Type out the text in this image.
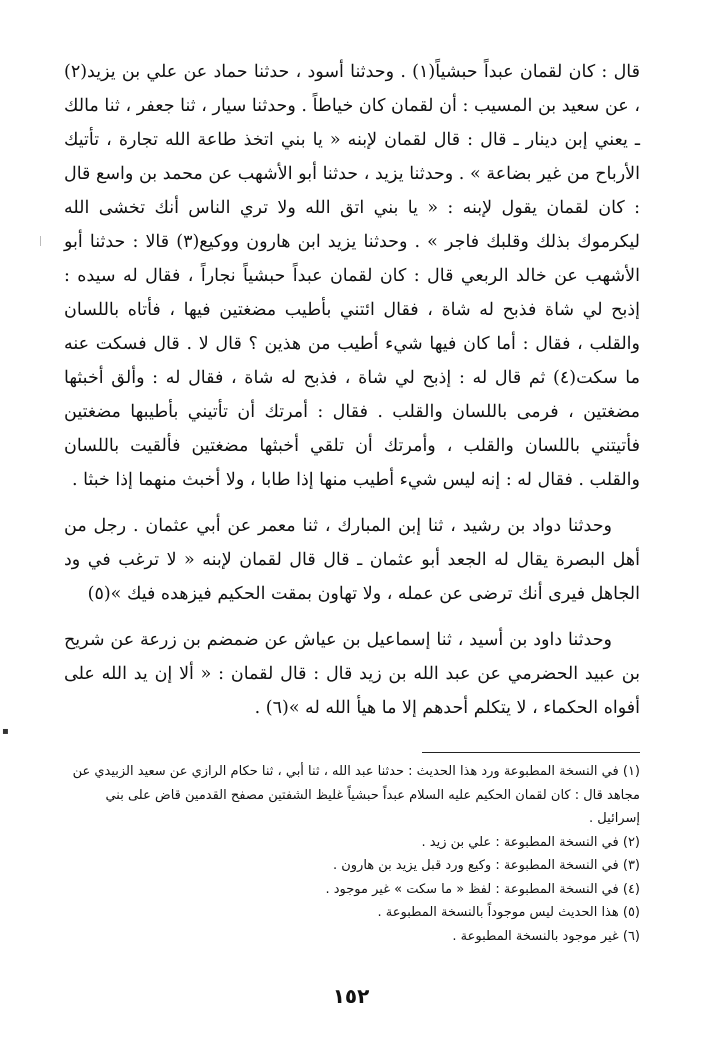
قال : كان لقمان عبداً حبشياً(١) . وحدثنا أسود ، حدثنا حماد عن علي بن يزيد(٢) ، عن سعيد بن المسيب : أن لقمان كان خياطاً . وحدثنا سيار ، ثنا جعفر ، ثنا مالك ـ يعني إبن دينار ـ قال : قال لقمان لإبنه « يا بني اتخذ طاعة الله تجارة ، تأتيك الأرباح من غير بضاعة » . وحدثنا يزيد ، حدثنا أبو الأشهب عن محمد بن واسع قال : كان لقمان يقول لإبنه : « يا بني اتق الله ولا تري الناس أنك تخشى الله ليكرموك بذلك وقلبك فاجر » . وحدثنا يزيد ابن هارون ووكيع(٣) قالا : حدثنا أبو الأشهب عن خالد الربعي قال : كان لقمان عبداً حبشياً نجاراً ، فقال له سيده : إذبح لي شاة فذبح له شاة ، فقال ائتني بأطيب مضغتين فيها ، فأتاه باللسان والقلب ، فقال : أما كان فيها شيء أطيب من هذين ؟ قال لا . قال فسكت عنه ما سكت(٤) ثم قال له : إذبح لي شاة ، فذبح له شاة ، فقال له : وألق أخبثها مضغتين ، فرمى باللسان والقلب . فقال : أمرتك أن تأتيني بأطيبها مضغتين فأتيتني باللسان والقلب ، وأمرتك أن تلقي أخبثها مضغتين فألقيت باللسان والقلب . فقال له : إنه ليس شيء أطيب منها إذا طابا ، ولا أخبث منهما إذا خبثا .

وحدثنا دواد بن رشيد ، ثنا إبن المبارك ، ثنا معمر عن أبي عثمان . رجل من أهل البصرة يقال له الجعد أبو عثمان ـ قال قال لقمان لإبنه « لا ترغب في ود الجاهل فيرى أنك ترضى عن عمله ، ولا تهاون بمقت الحكيم فيزهده فيك »(٥)

وحدثنا داود بن أسيد ، ثنا إسماعيل بن عياش عن ضمضم بن زرعة عن شريح بن عبيد الحضرمي عن عبد الله بن زيد قال : قال لقمان : « ألا إن يد الله على أفواه الحكماء ، لا يتكلم أحدهم إلا ما هيأ الله له »(٦) .

(١) في النسخة المطبوعة ورد هذا الحديث : حدثنا عبد الله ، ثنا أبي ، ثنا حكام الرازي عن سعيد الزبيدي عن مجاهد قال : كان لقمان الحكيم عليه السلام عبداً حبشياً غليظ الشفتين مصفح القدمين قاض على بني إسرائيل .

(٢) في النسخة المطبوعة : علي بن زيد .

(٣) في النسخة المطبوعة : وكيع ورد قبل يزيد بن هارون .

(٤) في النسخة المطبوعة : لفظ « ما سكت » غير موجود .

(٥) هذا الحديث ليس موجوداً بالنسخة المطبوعة .

(٦) غير موجود بالنسخة المطبوعة .

١٥٢
▪
